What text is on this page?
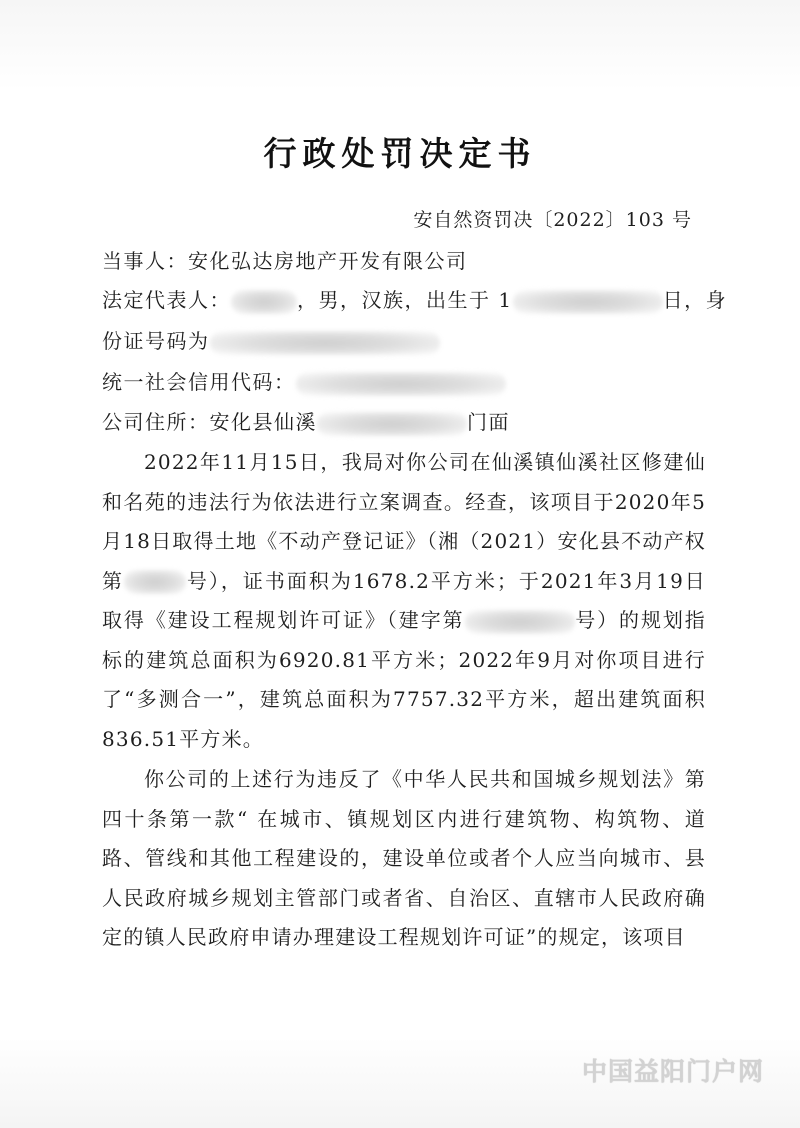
行政处罚决定书
安自然资罚决〔2022〕103 号
当事人：安化弘达房地产开发有限公司
法定代表人：	，男，汉族，出生于 1	日，身
份证号码为
统一社会信用代码：
公司住所：安化县仙溪	门面

2022年11月15日，我局对你公司在仙溪镇仙溪社区修建仙和名苑的违法行为依法进行立案调查。经查，该项目于2020年5月18日取得土地《不动产登记证》（湘（2021）安化县不动产权第	号），证书面积为1678.2平方米；于2021年3月19日取得《建设工程规划许可证》（建字第	号）的规划指标的建筑总面积为6920.81平方米；2022年9月对你项目进行了“多测合一”，建筑总面积为7757.32平方米，超出建筑面积836.51平方米。

你公司的上述行为违反了《中华人民共和国城乡规划法》第四十条第一款“ 在城市、镇规划区内进行建筑物、构筑物、道路、管线和其他工程建设的，建设单位或者个人应当向城市、县人民政府城乡规划主管部门或者省、自治区、直辖市人民政府确定的镇人民政府申请办理建设工程规划许可证”的规定，该项目

中国益阳门户网
